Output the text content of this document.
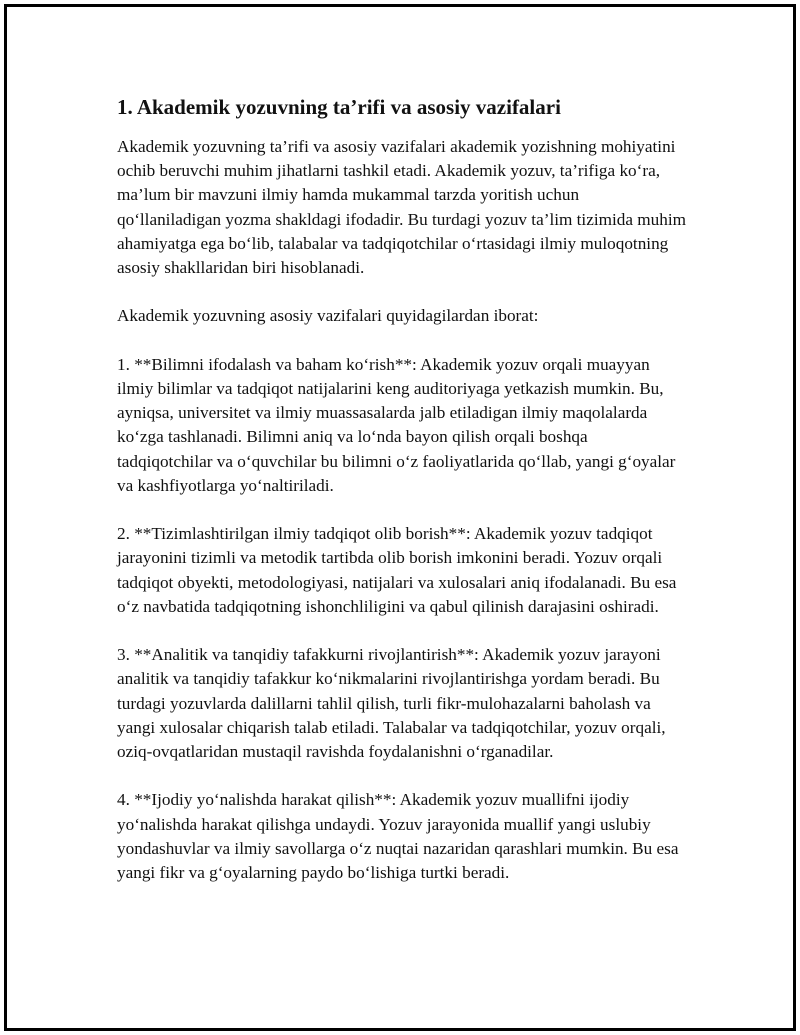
1. Akademik yozuvning ta’rifi va asosiy vazifalari

Akademik yozuvning ta’rifi va asosiy vazifalari akademik yozishning mohiyatini ochib beruvchi muhim jihatlarni tashkil etadi. Akademik yozuv, ta’rifiga ko‘ra, ma’lum bir mavzuni ilmiy hamda mukammal tarzda yoritish uchun qo‘llaniladigan yozma shakldagi ifodadir. Bu turdagi yozuv ta’lim tizimida muhim ahamiyatga ega bo‘lib, talabalar va tadqiqotchilar o‘rtasidagi ilmiy muloqotning asosiy shakllaridan biri hisoblanadi.

Akademik yozuvning asosiy vazifalari quyidagilardan iborat:

1. **Bilimni ifodalash va baham ko‘rish**: Akademik yozuv orqali muayyan ilmiy bilimlar va tadqiqot natijalarini keng auditoriyaga yetkazish mumkin. Bu, ayniqsa, universitet va ilmiy muassasalarda jalb etiladigan ilmiy maqolalarda ko‘zga tashlanadi. Bilimni aniq va lo‘nda bayon qilish orqali boshqa tadqiqotchilar va o‘quvchilar bu bilimni o‘z faoliyatlarida qo‘llab, yangi g‘oyalar va kashfiyotlarga yo‘naltiriladi.

2. **Tizimlashtirilgan ilmiy tadqiqot olib borish**: Akademik yozuv tadqiqot jarayonini tizimli va metodik tartibda olib borish imkonini beradi. Yozuv orqali tadqiqot obyekti, metodologiyasi, natijalari va xulosalari aniq ifodalanadi. Bu esa o‘z navbatida tadqiqotning ishonchliligini va qabul qilinish darajasini oshiradi.

3. **Analitik va tanqidiy tafakkurni rivojlantirish**: Akademik yozuv jarayoni analitik va tanqidiy tafakkur ko‘nikmalarini rivojlantirishga yordam beradi. Bu turdagi yozuvlarda dalillarni tahlil qilish, turli fikr-mulohazalarni baholash va yangi xulosalar chiqarish talab etiladi. Talabalar va tadqiqotchilar, yozuv orqali, oziq-ovqatlaridan mustaqil ravishda foydalanishni o‘rganadilar.

4. **Ijodiy yo‘nalishda harakat qilish**: Akademik yozuv muallifni ijodiy yo‘nalishda harakat qilishga undaydi. Yozuv jarayonida muallif yangi uslubiy yondashuvlar va ilmiy savollarga o‘z nuqtai nazaridan qarashlari mumkin. Bu esa yangi fikr va g‘oyalarning paydo bo‘lishiga turtki beradi.
